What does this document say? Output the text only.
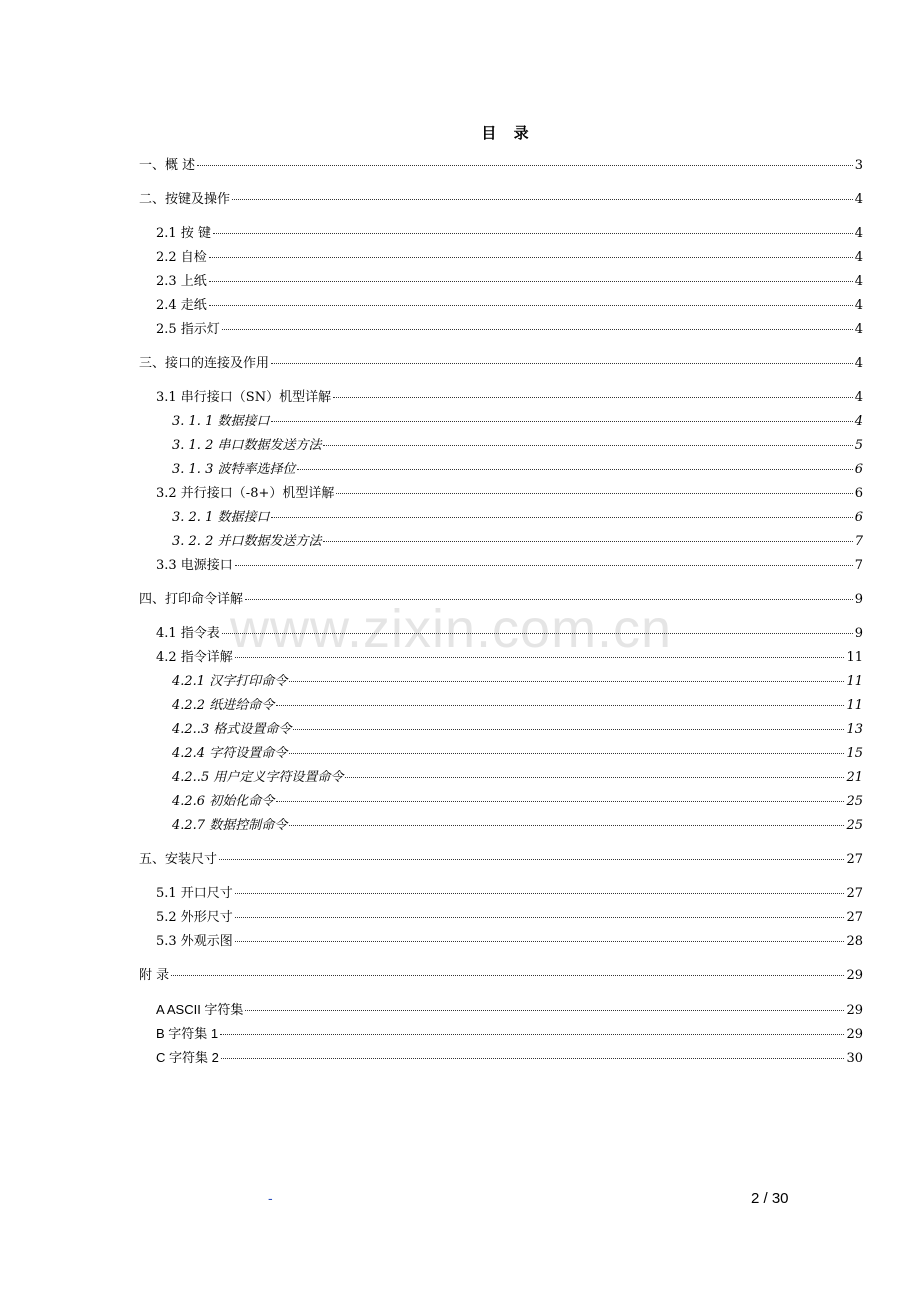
www.zixin.com.cn
目 录
一、概 述	3
二、按键及操作	4
2.1 按 键	4
2.2 自检	4
2.3 上纸	4
2.4 走纸	4
2.5 指示灯	4
三、接口的连接及作用	4
3.1 串行接口（SN）机型详解	4
3. 1. 1 数据接口	4
3. 1. 2 串口数据发送方法	5
3. 1. 3 波特率选择位	6
3.2 并行接口（-8+）机型详解	6
3. 2. 1 数据接口	6
3. 2. 2 并口数据发送方法	7
3.3 电源接口	7
四、打印命令详解	9
4.1 指令表	9
4.2 指令详解	11
4.2.1 汉字打印命令	11
4.2.2 纸进给命令	11
4.2..3 格式设置命令	13
4.2.4 字符设置命令	15
4.2..5 用户定义字符设置命令	21
4.2.6 初始化命令	25
4.2.7 数据控制命令	25
五、安装尺寸	27
5.1 开口尺寸	27
5.2 外形尺寸	27
5.3 外观示图	28
附 录	29
A ASCII 字符集	29
B 字符集 1	29
C 字符集 2	30
-	2 / 30
